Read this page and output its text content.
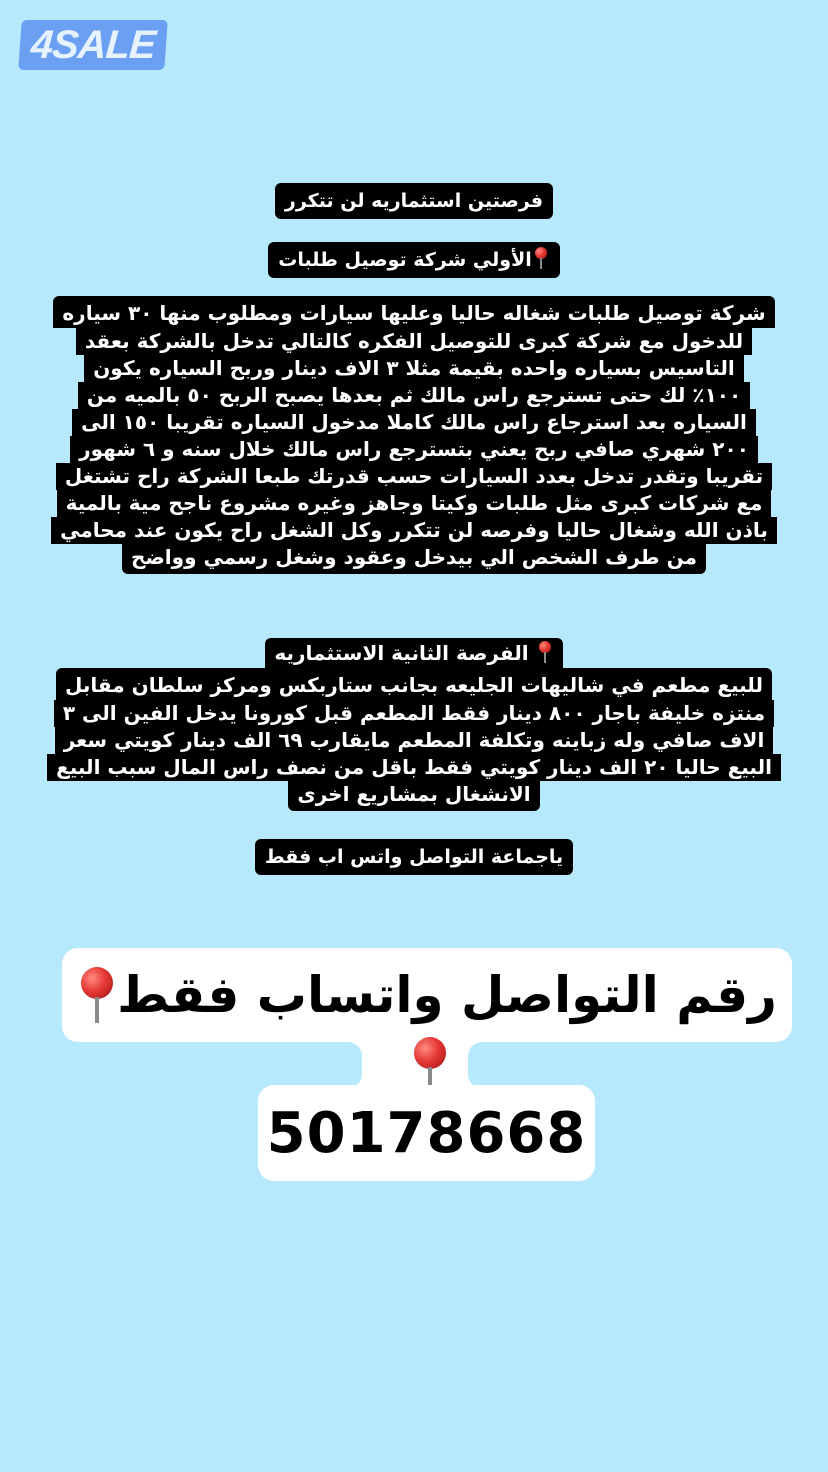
4SALE
فرصتين استثماريه لن تتكرر
الأولي شركة توصيل طلبات
شركة توصيل طلبات شغاله حاليا وعليها سيارات ومطلوب منها ٣٠ سياره
للدخول مع شركة كبرى للتوصيل الفكره كالتالي تدخل بالشركة بعقد
التاسيس بسياره واحده بقيمة مثلا ٣ الاف دينار وربح السياره يكون
١٠٠٪ لك حتى تسترجع راس مالك ثم بعدها يصبح الربح ٥٠ بالميه من
السياره بعد استرجاع راس مالك كاملا مدخول السياره تقريبا ١٥٠ الى
٢٠٠ شهري صافي ربح يعني بتسترجع راس مالك خلال سنه و ٦ شهور
تقريبا وتقدر تدخل بعدد السيارات حسب قدرتك طبعا الشركة راح تشتغل
مع شركات كبرى مثل طلبات وكيتا وجاهز وغيره مشروع ناجح مية بالمية
باذن الله وشغال حاليا وفرصه لن تتكرر وكل الشغل راح يكون عند محامي
من طرف الشخص الي بيدخل وعقود وشغل رسمي وواضح
الفرصة الثانية الاستثماريه
للبيع مطعم في شاليهات الجليعه بجانب ستاربكس ومركز سلطان مقابل
منتزه خليفة باجار ٨٠٠ دينار فقط المطعم قبل كورونا يدخل الفين الى ٣
الاف صافي وله زباينه وتكلفة المطعم مايقارب ٦٩ الف دينار كويتي سعر
البيع حاليا ٢٠ الف دينار كويتي فقط باقل من نصف راس المال سبب البيع
الانشغال بمشاريع اخرى
ياجماعة التواصل واتس اب فقط
رقم التواصل واتساب فقط
50178668
